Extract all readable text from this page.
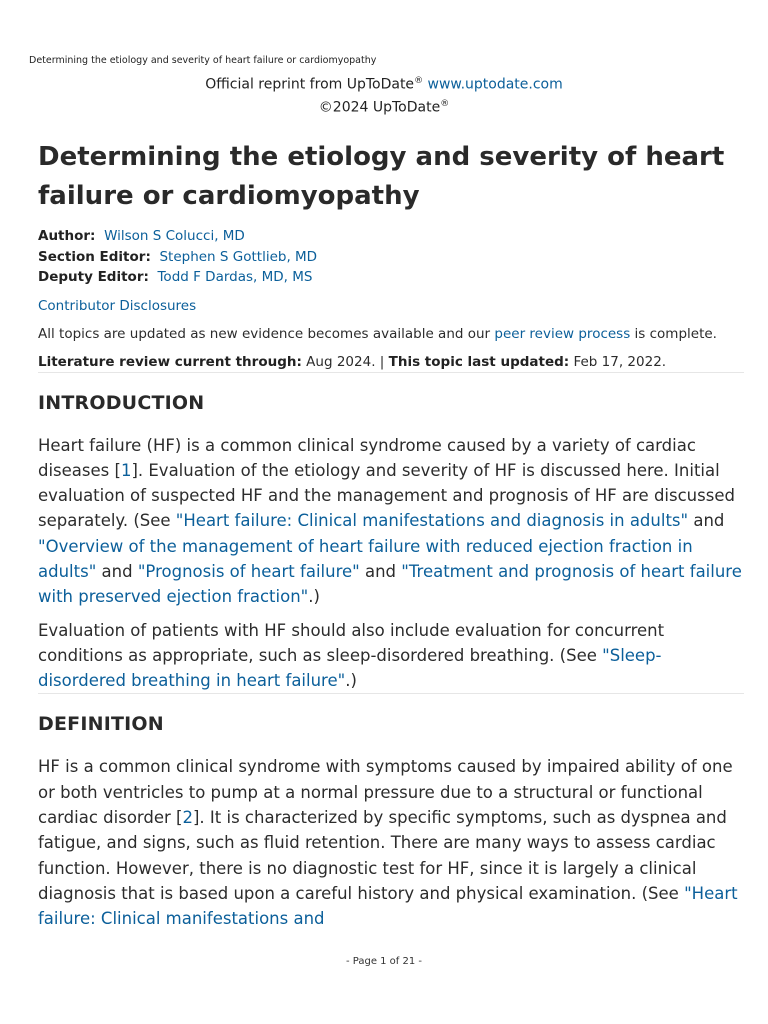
Determining the etiology and severity of heart failure or cardiomyopathy
Official reprint from UpToDate® www.uptodate.com
©2024 UpToDate®
Determining the etiology and severity of heart failure or cardiomyopathy
Author: Wilson S Colucci, MD
Section Editor: Stephen S Gottlieb, MD
Deputy Editor: Todd F Dardas, MD, MS
Contributor Disclosures
All topics are updated as new evidence becomes available and our peer review process is complete.
Literature review current through: Aug 2024. | This topic last updated: Feb 17, 2022.
INTRODUCTION

Heart failure (HF) is a common clinical syndrome caused by a variety of cardiac diseases [1]. Evaluation of the etiology and severity of HF is discussed here. Initial evaluation of suspected HF and the management and prognosis of HF are discussed separately. (See "Heart failure: Clinical manifestations and diagnosis in adults" and "Overview of the management of heart failure with reduced ejection fraction in adults" and "Prognosis of heart failure" and "Treatment and prognosis of heart failure with preserved ejection fraction".)

Evaluation of patients with HF should also include evaluation for concurrent conditions as appropriate, such as sleep-disordered breathing. (See "Sleep-disordered breathing in heart failure".)

DEFINITION

HF is a common clinical syndrome with symptoms caused by impaired ability of one or both ventricles to pump at a normal pressure due to a structural or functional cardiac disorder [2]. It is characterized by specific symptoms, such as dyspnea and fatigue, and signs, such as fluid retention. There are many ways to assess cardiac function. However, there is no diagnostic test for HF, since it is largely a clinical diagnosis that is based upon a careful history and physical examination. (See "Heart failure: Clinical manifestations and

- Page 1 of 21 -
